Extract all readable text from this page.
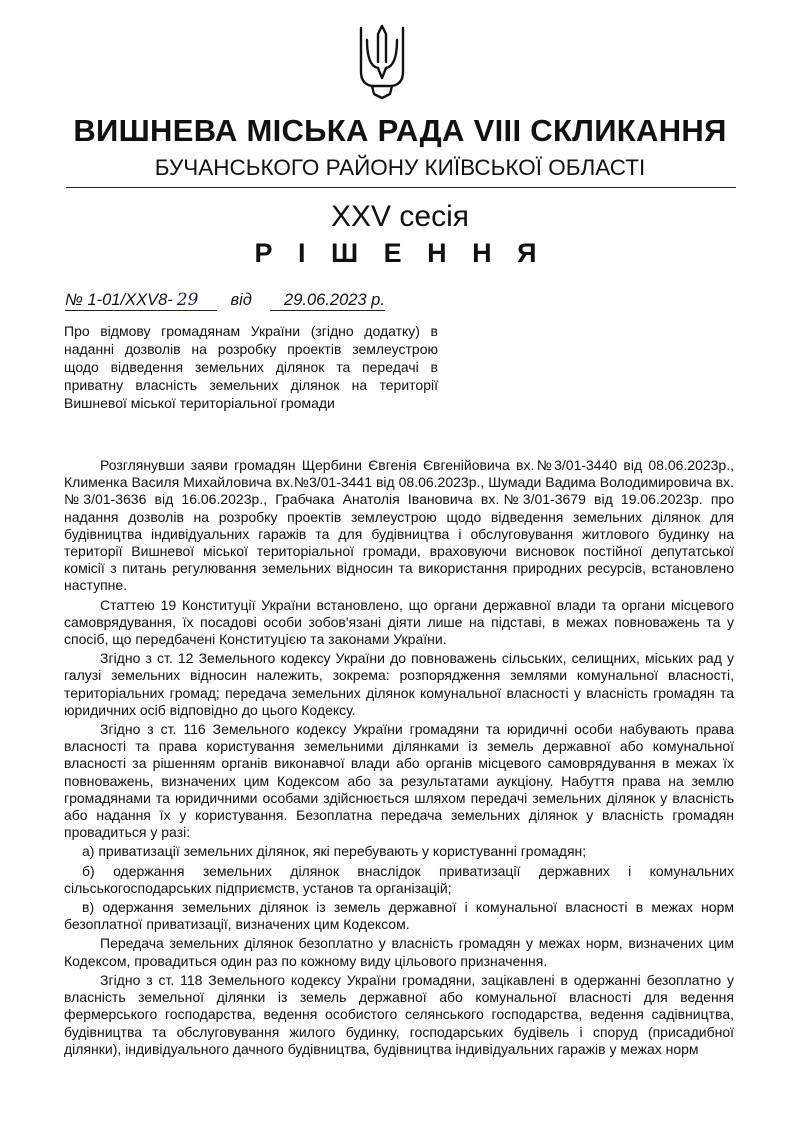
ВИШНЕВА МІСЬКА РАДА VIII СКЛИКАННЯ
БУЧАНСЬКОГО РАЙОНУ КИЇВСЬКОЇ ОБЛАСТІ
XXV сесія
Р І Ш Е Н Н Я
№ 1-01/XXV8- 29 від 29.06.2023 р.
Про відмову громадянам України (згідно додатку) в наданні дозволів на розробку проектів землеустрою щодо відведення земельних ділянок та передачі в приватну власність земельних ділянок на території Вишневої міської територіальної громади

Розглянувши заяви громадян Щербини Євгенія Євгенійовича вх.№3/01-3440 від 08.06.2023р., Клименка Василя Михайловича вх.№3/01-3441 від 08.06.2023р., Шумади Вадима Володимировича вх.№3/01-3636 від 16.06.2023р., Грабчака Анатолія Івановича вх.№3/01-3679 від 19.06.2023р. про надання дозволів на розробку проектів землеустрою щодо відведення земельних ділянок для будівництва індивідуальних гаражів та для будівництва і обслуговування житлового будинку на території Вишневої міської територіальної громади, враховуючи висновок постійної депутатської комісії з питань регулювання земельних відносин та використання природних ресурсів, встановлено наступне.

Статтею 19 Конституції України встановлено, що органи державної влади та органи місцевого самоврядування, їх посадові особи зобов'язані діяти лише на підставі, в межах повноважень та у спосіб, що передбачені Конституцією та законами України.

Згідно з ст. 12 Земельного кодексу України до повноважень сільських, селищних, міських рад у галузі земельних відносин належить, зокрема: розпорядження землями комунальної власності, територіальних громад; передача земельних ділянок комунальної власності у власність громадян та юридичних осіб відповідно до цього Кодексу.

Згідно з ст. 116 Земельного кодексу України громадяни та юридичні особи набувають права власності та права користування земельними ділянками із земель державної або комунальної власності за рішенням органів виконавчої влади або органів місцевого самоврядування в межах їх повноважень, визначених цим Кодексом або за результатами аукціону. Набуття права на землю громадянами та юридичними особами здійснюється шляхом передачі земельних ділянок у власність або надання їх у користування. Безоплатна передача земельних ділянок у власність громадян провадиться у разі:

а) приватизації земельних ділянок, які перебувають у користуванні громадян;

б) одержання земельних ділянок внаслідок приватизації державних і комунальних сільськогосподарських підприємств, установ та організацій;

в) одержання земельних ділянок із земель державної і комунальної власності в межах норм безоплатної приватизації, визначених цим Кодексом.

Передача земельних ділянок безоплатно у власність громадян у межах норм, визначених цим Кодексом, провадиться один раз по кожному виду цільового призначення.

Згідно з ст. 118 Земельного кодексу України громадяни, зацікавлені в одержанні безоплатно у власність земельної ділянки із земель державної або комунальної власності для ведення фермерського господарства, ведення особистого селянського господарства, ведення садівництва, будівництва та обслуговування жилого будинку, господарських будівель і споруд (присадибної ділянки), індивідуального дачного будівництва, будівництва індивідуальних гаражів у межах норм
